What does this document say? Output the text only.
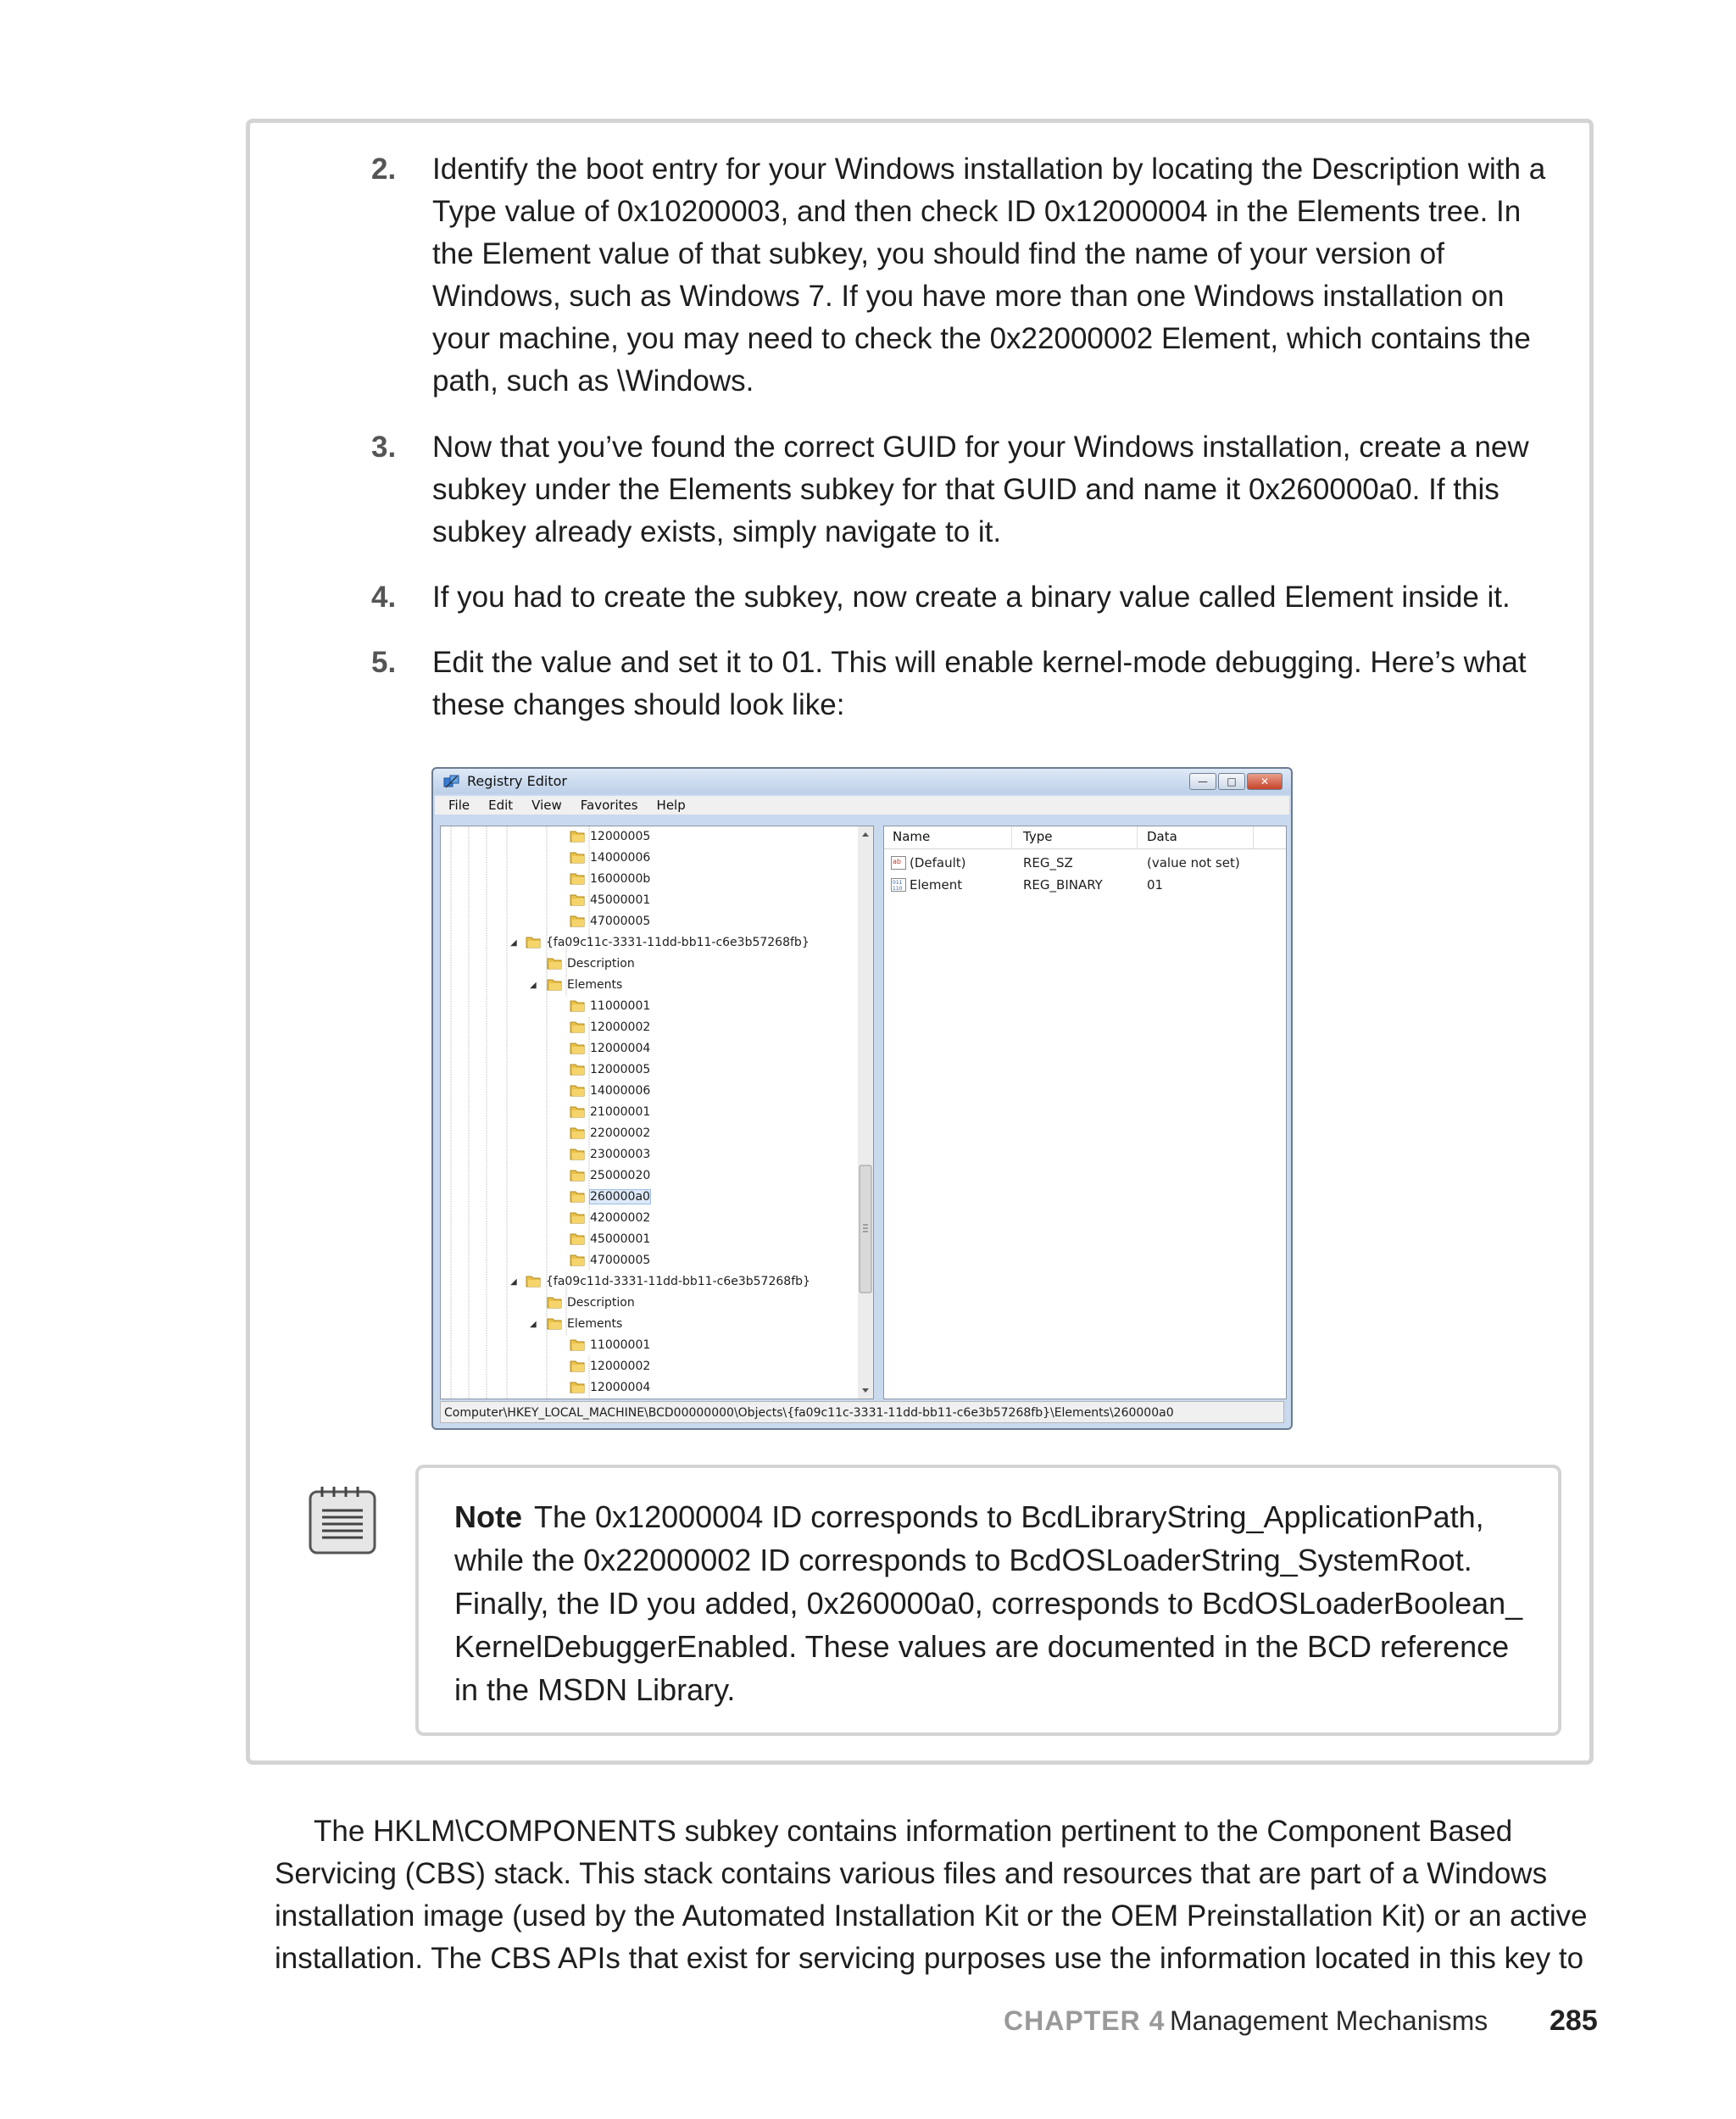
2. Identify the boot entry for your Windows installation by locating the Description with a Type value of 0x10200003, and then check ID 0x12000004 in the Elements tree. In the Element value of that subkey, you should find the name of your version of Windows, such as Windows 7. If you have more than one Windows installation on your machine, you may need to check the 0x22000002 Element, which contains the path, such as \Windows.
3. Now that you’ve found the correct GUID for your Windows installation, create a new subkey under the Elements subkey for that GUID and name it 0x260000a0. If this subkey already exists, simply navigate to it.
4. If you had to create the subkey, now create a binary value called Element inside it.
5. Edit the value and set it to 01. This will enable kernel-mode debugging. Here’s what these changes should look like:
Registry Editor	—	□	✕
File Edit View Favorites Help
12000005
14000006
1600000b
45000001
47000005
◢ {fa09c11c-3331-11dd-bb11-c6e3b57268fb}
Description
◢	Elements
11000001
12000002
12000004
12000005
14000006
21000001
22000002
23000003
25000020
260000a0
42000002
45000001
47000005
◢ {fa09c11d-3331-11dd-bb11-c6e3b57268fb}
Description
◢	Elements
11000001
12000002
12000004
Name	Type	Data
ab (Default)	REG_SZ	(value not set)
011
110 Element	REG_BINARY	01
Computer\HKEY_LOCAL_MACHINE\BCD00000000\Objects\{fa09c11c-3331-11dd-bb11-c6e3b57268fb}\Elements\260000a0
Note The 0x12000004 ID corresponds to BcdLibraryString_ApplicationPath, while the 0x22000002 ID corresponds to BcdOSLoaderString_SystemRoot. Finally, the ID you added, 0x260000a0, corresponds to BcdOSLoaderBoolean_ KernelDebuggerEnabled. These values are documented in the BCD reference in the MSDN Library.
The HKLM\COMPONENTS subkey contains information pertinent to the Component Based Servicing (CBS) stack. This stack contains various files and resources that are part of a Windows installation image (used by the Automated Installation Kit or the OEM Preinstallation Kit) or an active installation. The CBS APIs that exist for servicing purposes use the information located in this key to
CHAPTER 4 Management Mechanisms 285
